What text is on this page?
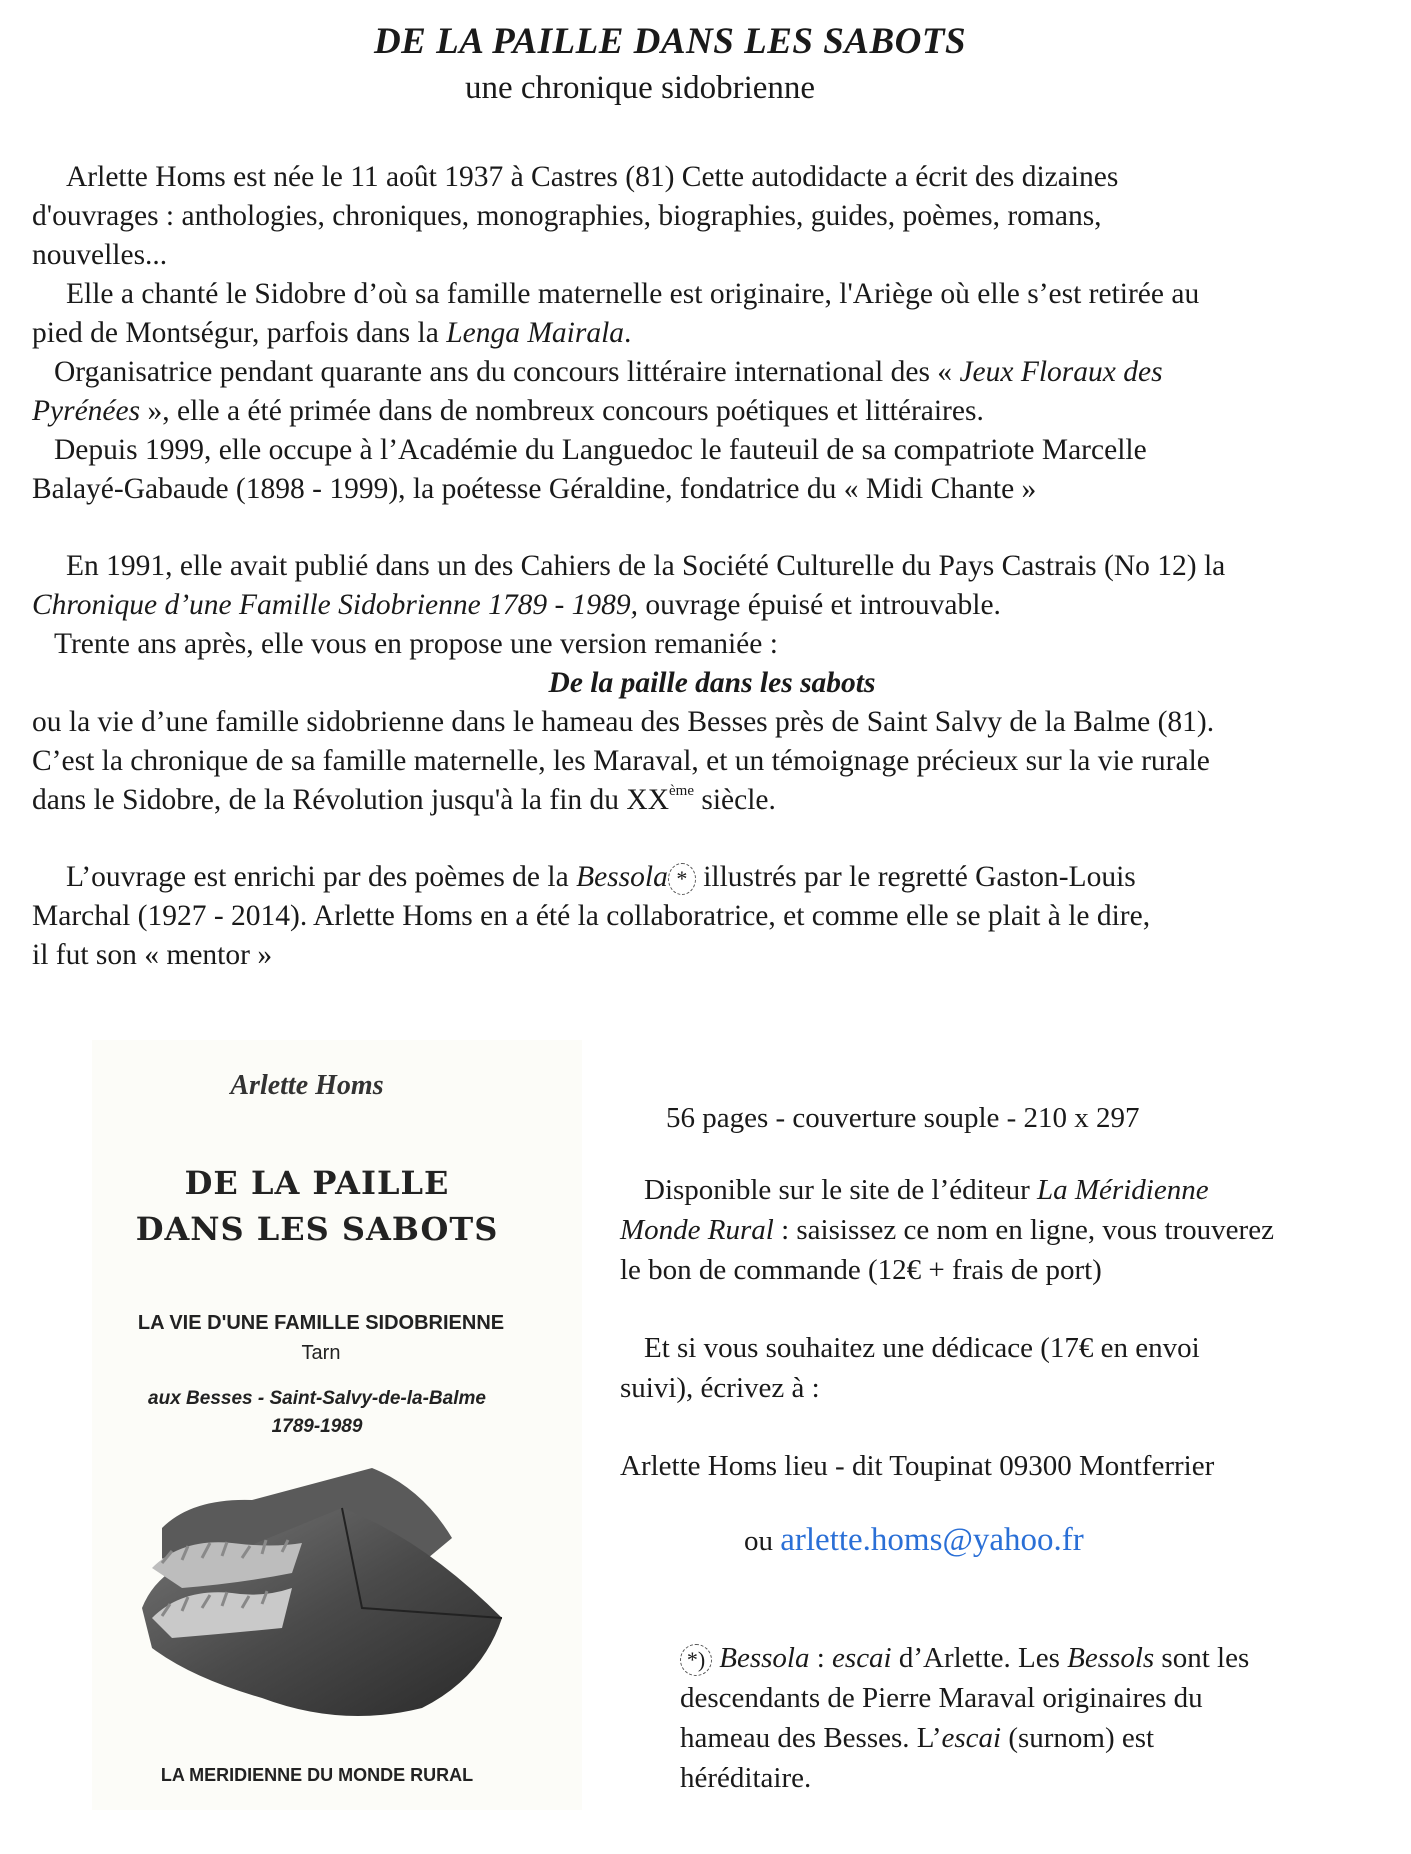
DE LA PAILLE DANS LES SABOTS
une chronique sidobrienne

Arlette Homs est née le 11 août 1937 à Castres (81) Cette autodidacte a écrit des dizaines
d'ouvrages : anthologies, chroniques, monographies, biographies, guides, poèmes, romans,
nouvelles...

Elle a chanté le Sidobre d’où sa famille maternelle est originaire, l'Ariège où elle s’est retirée au
pied de Montségur, parfois dans la Lenga Mairala.

Organisatrice pendant quarante ans du concours littéraire international des « Jeux Floraux des
Pyrénées », elle a été primée dans de nombreux concours poétiques et littéraires.

Depuis 1999, elle occupe à l’Académie du Languedoc le fauteuil de sa compatriote Marcelle
Balayé-Gabaude (1898 - 1999), la poétesse Géraldine, fondatrice du « Midi Chante »

En 1991, elle avait publié dans un des Cahiers de la Société Culturelle du Pays Castrais (No 12) la
Chronique d’une Famille Sidobrienne 1789 - 1989, ouvrage épuisé et introuvable.

Trente ans après, elle vous en propose une version remaniée :

De la paille dans les sabots

ou la vie d’une famille sidobrienne dans le hameau des Besses près de Saint Salvy de la Balme (81).
C’est la chronique de sa famille maternelle, les Maraval, et un témoignage précieux sur la vie rurale
dans le Sidobre, de la Révolution jusqu'à la fin du XXème siècle.

L’ouvrage est enrichi par des poèmes de la Bessola * illustrés par le regretté Gaston-Louis
Marchal (1927 - 2014). Arlette Homs en a été la collaboratrice, et comme elle se plait à le dire,
il fut son « mentor »

Arlette Homs
DE LA PAILLE
DANS LES SABOTS
LA VIE D'UNE FAMILLE SIDOBRIENNE
Tarn
aux Besses - Saint-Salvy-de-la-Balme
1789-1989
LA MERIDIENNE DU MONDE RURAL

56 pages - couverture souple - 210 x 297

Disponible sur le site de l’éditeur La Méridienne
Monde Rural : saisissez ce nom en ligne, vous trouverez
le bon de commande (12€ + frais de port)

Et si vous souhaitez une dédicace (17€ en envoi
suivi), écrivez à :

Arlette Homs lieu - dit Toupinat 09300 Montferrier

ou arlette.homs@yahoo.fr

*) Bessola : escai d’Arlette. Les Bessols sont les
descendants de Pierre Maraval originaires du
hameau des Besses. L’escai (surnom) est
héréditaire.
